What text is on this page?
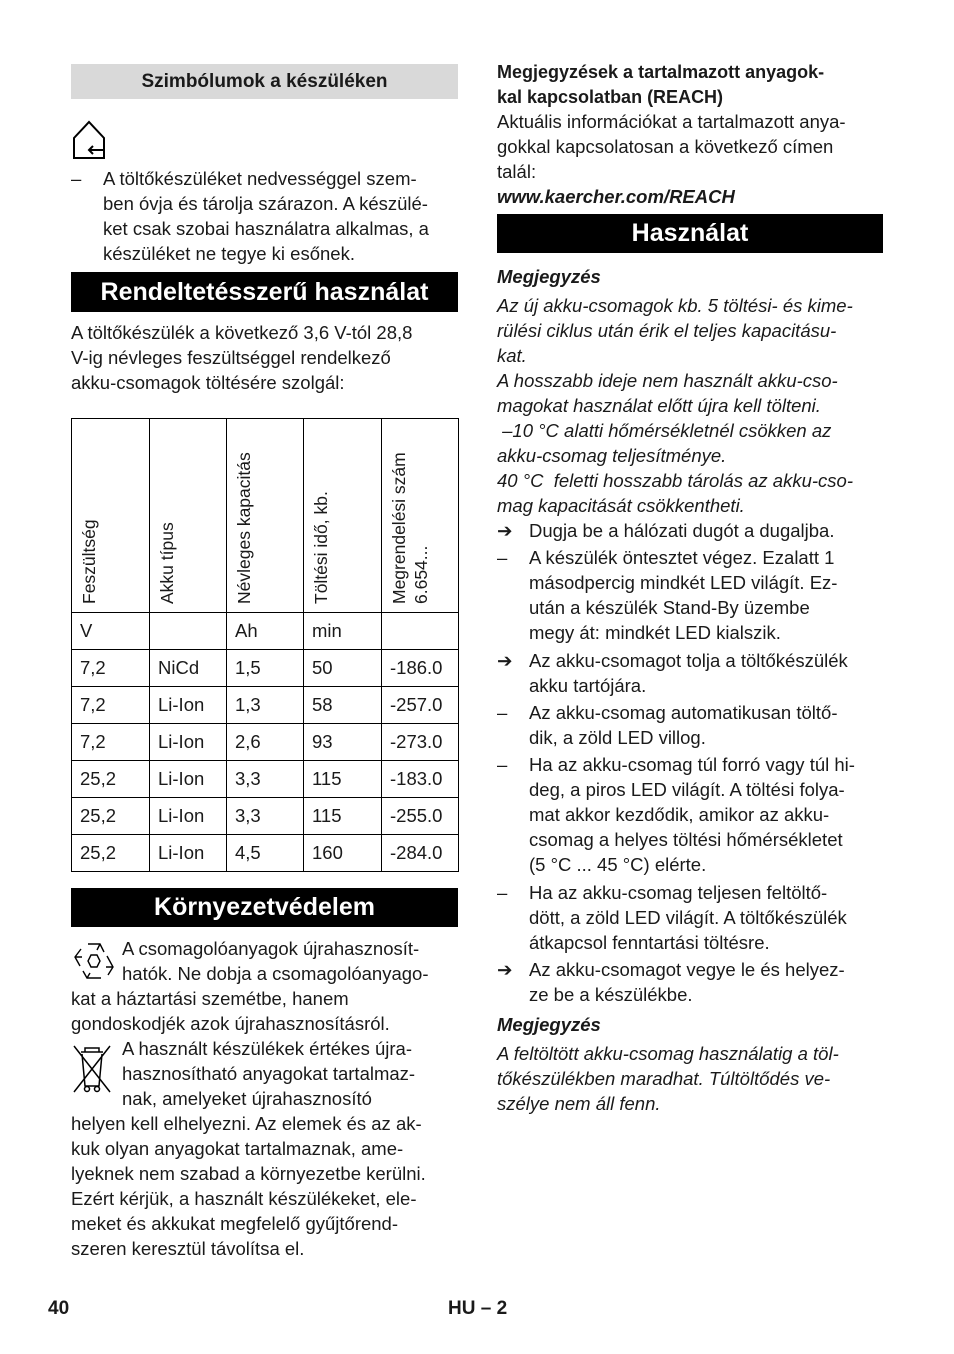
Szimbólumok a készüléken
–	A töltőkészüléket nedvességgel szem-
ben óvja és tárolja szárazon. A készülé-
ket csak szobai használatra alkalmas, a
készüléket ne tegye ki esőnek.
Rendeltetésszerű használat
A töltőkészülék a következő 3,6 V-tól 28,8
V-ig névleges feszültséggel rendelkező
akku-csomagok töltésére szolgál:
Feszültség	Akku típus	Névleges kapacitás	Töltési idő, kb.	Megrendelési szám 6.654...

V		Ah	min	
7,2	NiCd	1,5	50	-186.0
7,2	Li-Ion	1,3	58	-257.0
7,2	Li-Ion	2,6	93	-273.0
25,2	Li-Ion	3,3	115	-183.0
25,2	Li-Ion	3,3	115	-255.0
25,2	Li-Ion	4,5	160	-284.0
Környezetvédelem
A csomagolóanyagok újrahasznosít-
hatók. Ne dobja a csomagolóanyago-
kat a háztartási szemétbe, hanem
gondoskodjék azok újrahasznosításról.
A használt készülékek értékes újra-
hasznosítható anyagokat tartalmaz-
nak, amelyeket újrahasznosító
helyen kell elhelyezni. Az elemek és az ak-
kuk olyan anyagokat tartalmaznak, ame-
lyeknek nem szabad a környezetbe kerülni.
Ezért kérjük, a használt készülékeket, ele-
meket és akkukat megfelelő gyűjtőrend-
szeren keresztül távolítsa el.
Megjegyzések a tartalmazott anyagok-
kal kapcsolatban (REACH)
Aktuális információkat a tartalmazott anya-
gokkal kapcsolatosan a következő címen
talál:
www.kaercher.com/REACH
Használat
Megjegyzés
Az új akku-csomagok kb. 5 töltési- és kime-
rülési ciklus után érik el teljes kapacitásu-
kat.
A hosszabb ideje nem használt akku-cso-
magokat használat előtt újra kell tölteni.
–10 °C alatti hőmérsékletnél csökken az
akku-csomag teljesítménye.
40 °C  feletti hosszabb tárolás az akku-cso-
mag kapacitását csökkentheti.
➔ Dugja be a hálózati dugót a dugaljba.
–	A készülék öntesztet végez. Ezalatt 1
másodpercig mindkét LED világít. Ez-
után a készülék Stand-By üzembe
megy át: mindkét LED kialszik.
➔ Az akku-csomagot tolja a töltőkészülék
akku tartójára.
–	Az akku-csomag automatikusan töltő-
dik, a zöld LED villog.
–	Ha az akku-csomag túl forró vagy túl hi-
deg, a piros LED világít. A töltési folya-
mat akkor kezdődik, amikor az akku-
csomag a helyes töltési hőmérsékletet
(5 °C ... 45 °C) elérte.
–	Ha az akku-csomag teljesen feltöltő-
dött, a zöld LED világít. A töltőkészülék
átkapcsol fenntartási töltésre.
➔ Az akku-csomagot vegye le és helyez-
ze be a készülékbe.
Megjegyzés
A feltöltött akku-csomag használatig a töl-
tőkészülékben maradhat. Túltöltődés ve-
szélye nem áll fenn.
40	HU – 2
